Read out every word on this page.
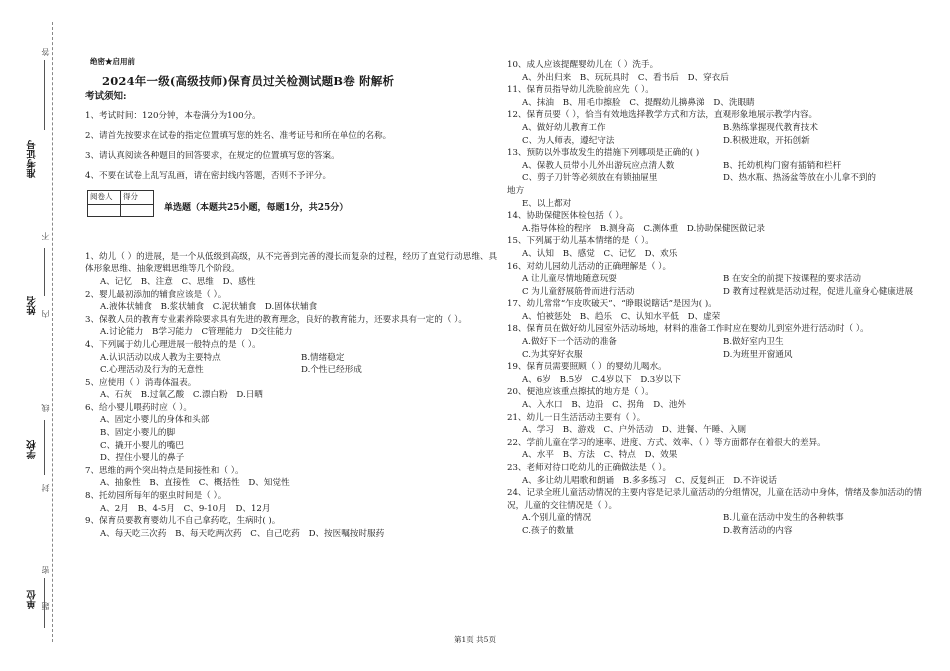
答
不
内
线
封
密
题
准考证号
姓名
学校
单位
绝密★启用前
2024年一级(高级技师)保育员过关检测试题B卷 附解析
考试须知:
1、考试时间：120分钟，本卷满分为100分。
2、请首先按要求在试卷的指定位置填写您的姓名、准考证号和所在单位的名称。
3、请认真阅读各种题目的回答要求，在规定的位置填写您的答案。
4、不要在试卷上乱写乱画，请在密封线内答题，否则不予评分。
阅卷人	得分

单选题（本题共25小题，每题1分，共25分）
1、幼儿（ ）的进展，是一个从低级到高级，从不完善到完善的漫长而复杂的过程，经历了直觉行动思维、具体形象思维、抽象逻辑思维等几个阶段。
A、记忆 B、注意 C、思维 D、感性
2、婴儿最初添加的辅食应该是（ ）。
A.液体状辅食 B.浆状辅食 C.泥状辅食 D.固体状辅食
3、保教人员的教育专业素养除要求具有先进的教育理念，良好的教育能力，还要求具有一定的（ ）。
A.讨论能力 B学习能力 C管理能力 D交往能力
4、下列属于幼儿心理进展一般特点的是（ ）。
A.认识活动以成人教为主要特点	B.情绪稳定
C.心理活动及行为的无意性	D.个性已经形成
5、应使用（ ）消毒体温表。
A、石灰 B.过氧乙酸 C.漂白粉 D.日晒
6、给小婴儿喂药时应（ ）。
A、固定小婴儿的身体和头部
B、固定小婴儿的脚
C、撬开小婴儿的嘴巴
D、捏住小婴儿的鼻子
7、思维的两个突出特点是间接性和（ ）。
A、抽象性 B、直接性 C、概括性 D、知觉性
8、托幼园所每年的驱虫时间是（ ）。
A、2月 B、4-5月 C、9-10月 D、12月
9、保育员要教育婴幼儿不自己拿药吃，生病时( )。
A、每天吃三次药 B、每天吃两次药 C、自己吃药 D、按医嘱按时服药
10、成人应该提醒婴幼儿在（ ）洗手。
A、外出归来 B、玩玩具时 C、看书后 D、穿衣后
11、保育员指导幼儿洗脸前应先（ ）。
A、抹油 B、用毛巾擦脸 C、提醒幼儿擤鼻涕 D、洗眼睛
12、保育员要（ ），恰当有效地选择教学方式和方法，直观形象地展示教学内容。
A、做好幼儿教育工作	B.熟练掌握现代教育技术
C、为人师表，遵纪守法	D.积极进取，开拓创新
13、预防以外事故发生的措施下列哪项是正确的( )
A、保教人员带小儿外出游玩应点清人数	B、托幼机构门窗有插销和栏杆
C、剪子刀针等必须放在有锁抽屉里	D、热水瓶、热汤盆等放在小儿拿不到的
地方
E、以上都对
14、协助保健医体检包括（ ）。
A.指导体检的程序 B.测身高 C.测体重 D.协助保健医做记录
15、下列属于幼儿基本情绪的是（ ）。
A、认知 B、感觉 C、记忆 D、欢乐
16、对幼儿园幼儿活动的正确理解是（ ）。
A 让儿童尽情地随意玩耍	B 在安全的前提下按课程的要求活动
C 为儿童舒展筋骨而进行活动	D 教育过程就是活动过程，促进儿童身心健康进展
17、幼儿常常“乍皮吹破天”、“睁眼说瞎话”是因为( )。
A、怕被惩处 B、趋乐 C、认知水平低 D、虚荣
18、保育员在做好幼儿园室外活动场地，材料的准备工作时应在婴幼儿到室外进行活动时（ ）。
A.做好下一个活动的准备	B.做好室内卫生
C.为其穿好衣服	D.为班里开窗通风
19、保育员需要照顾（ ）的婴幼儿喝水。
A、6岁 B.5岁 C.4岁以下 D.3岁以下
20、便池应该重点擦拭的地方是（ ）。
A、入水口 B、边沿 C、拐角 D、池外
21、幼儿一日生活活动主要有（ ）。
A、学习 B、游戏 C、户外活动 D、进餐、午睡、入厕
22、学前儿童在学习的速率、进度、方式、效率、（ ）等方面都存在着很大的差异。
A、水平 B、方法 C、特点 D、效果
23、老师对待口吃幼儿的正确做法是（ ）。
A、多让幼儿唱歌和朗诵 B.多多练习 C、反复纠正 D.不许说话
24、记录全班儿童活动情况的主要内容是记录儿童活动的分组情况，儿童在活动中身体，情绪及参加活动的情况，儿童的交往情况是（ ）。
A.个别儿童的情况	B.儿童在活动中发生的各种轶事
C.孩子的数量	D.教育活动的内容
第1页 共5页
